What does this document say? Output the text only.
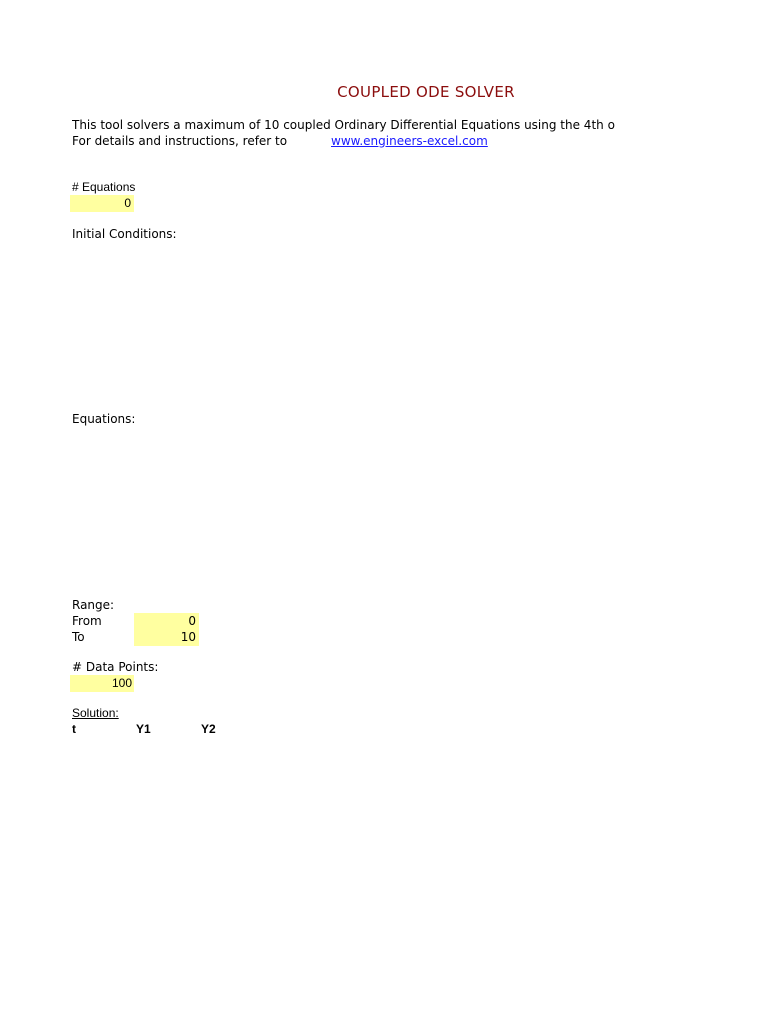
COUPLED ODE SOLVER
This tool solvers a maximum of 10 coupled Ordinary Differential Equations using the 4th o
For details and instructions, refer to	www.engineers-excel.com
# Equations
0
Initial Conditions:
Equations:
Range:
From	0
To	10
# Data Points:
100
Solution:
t	Y1	Y2
